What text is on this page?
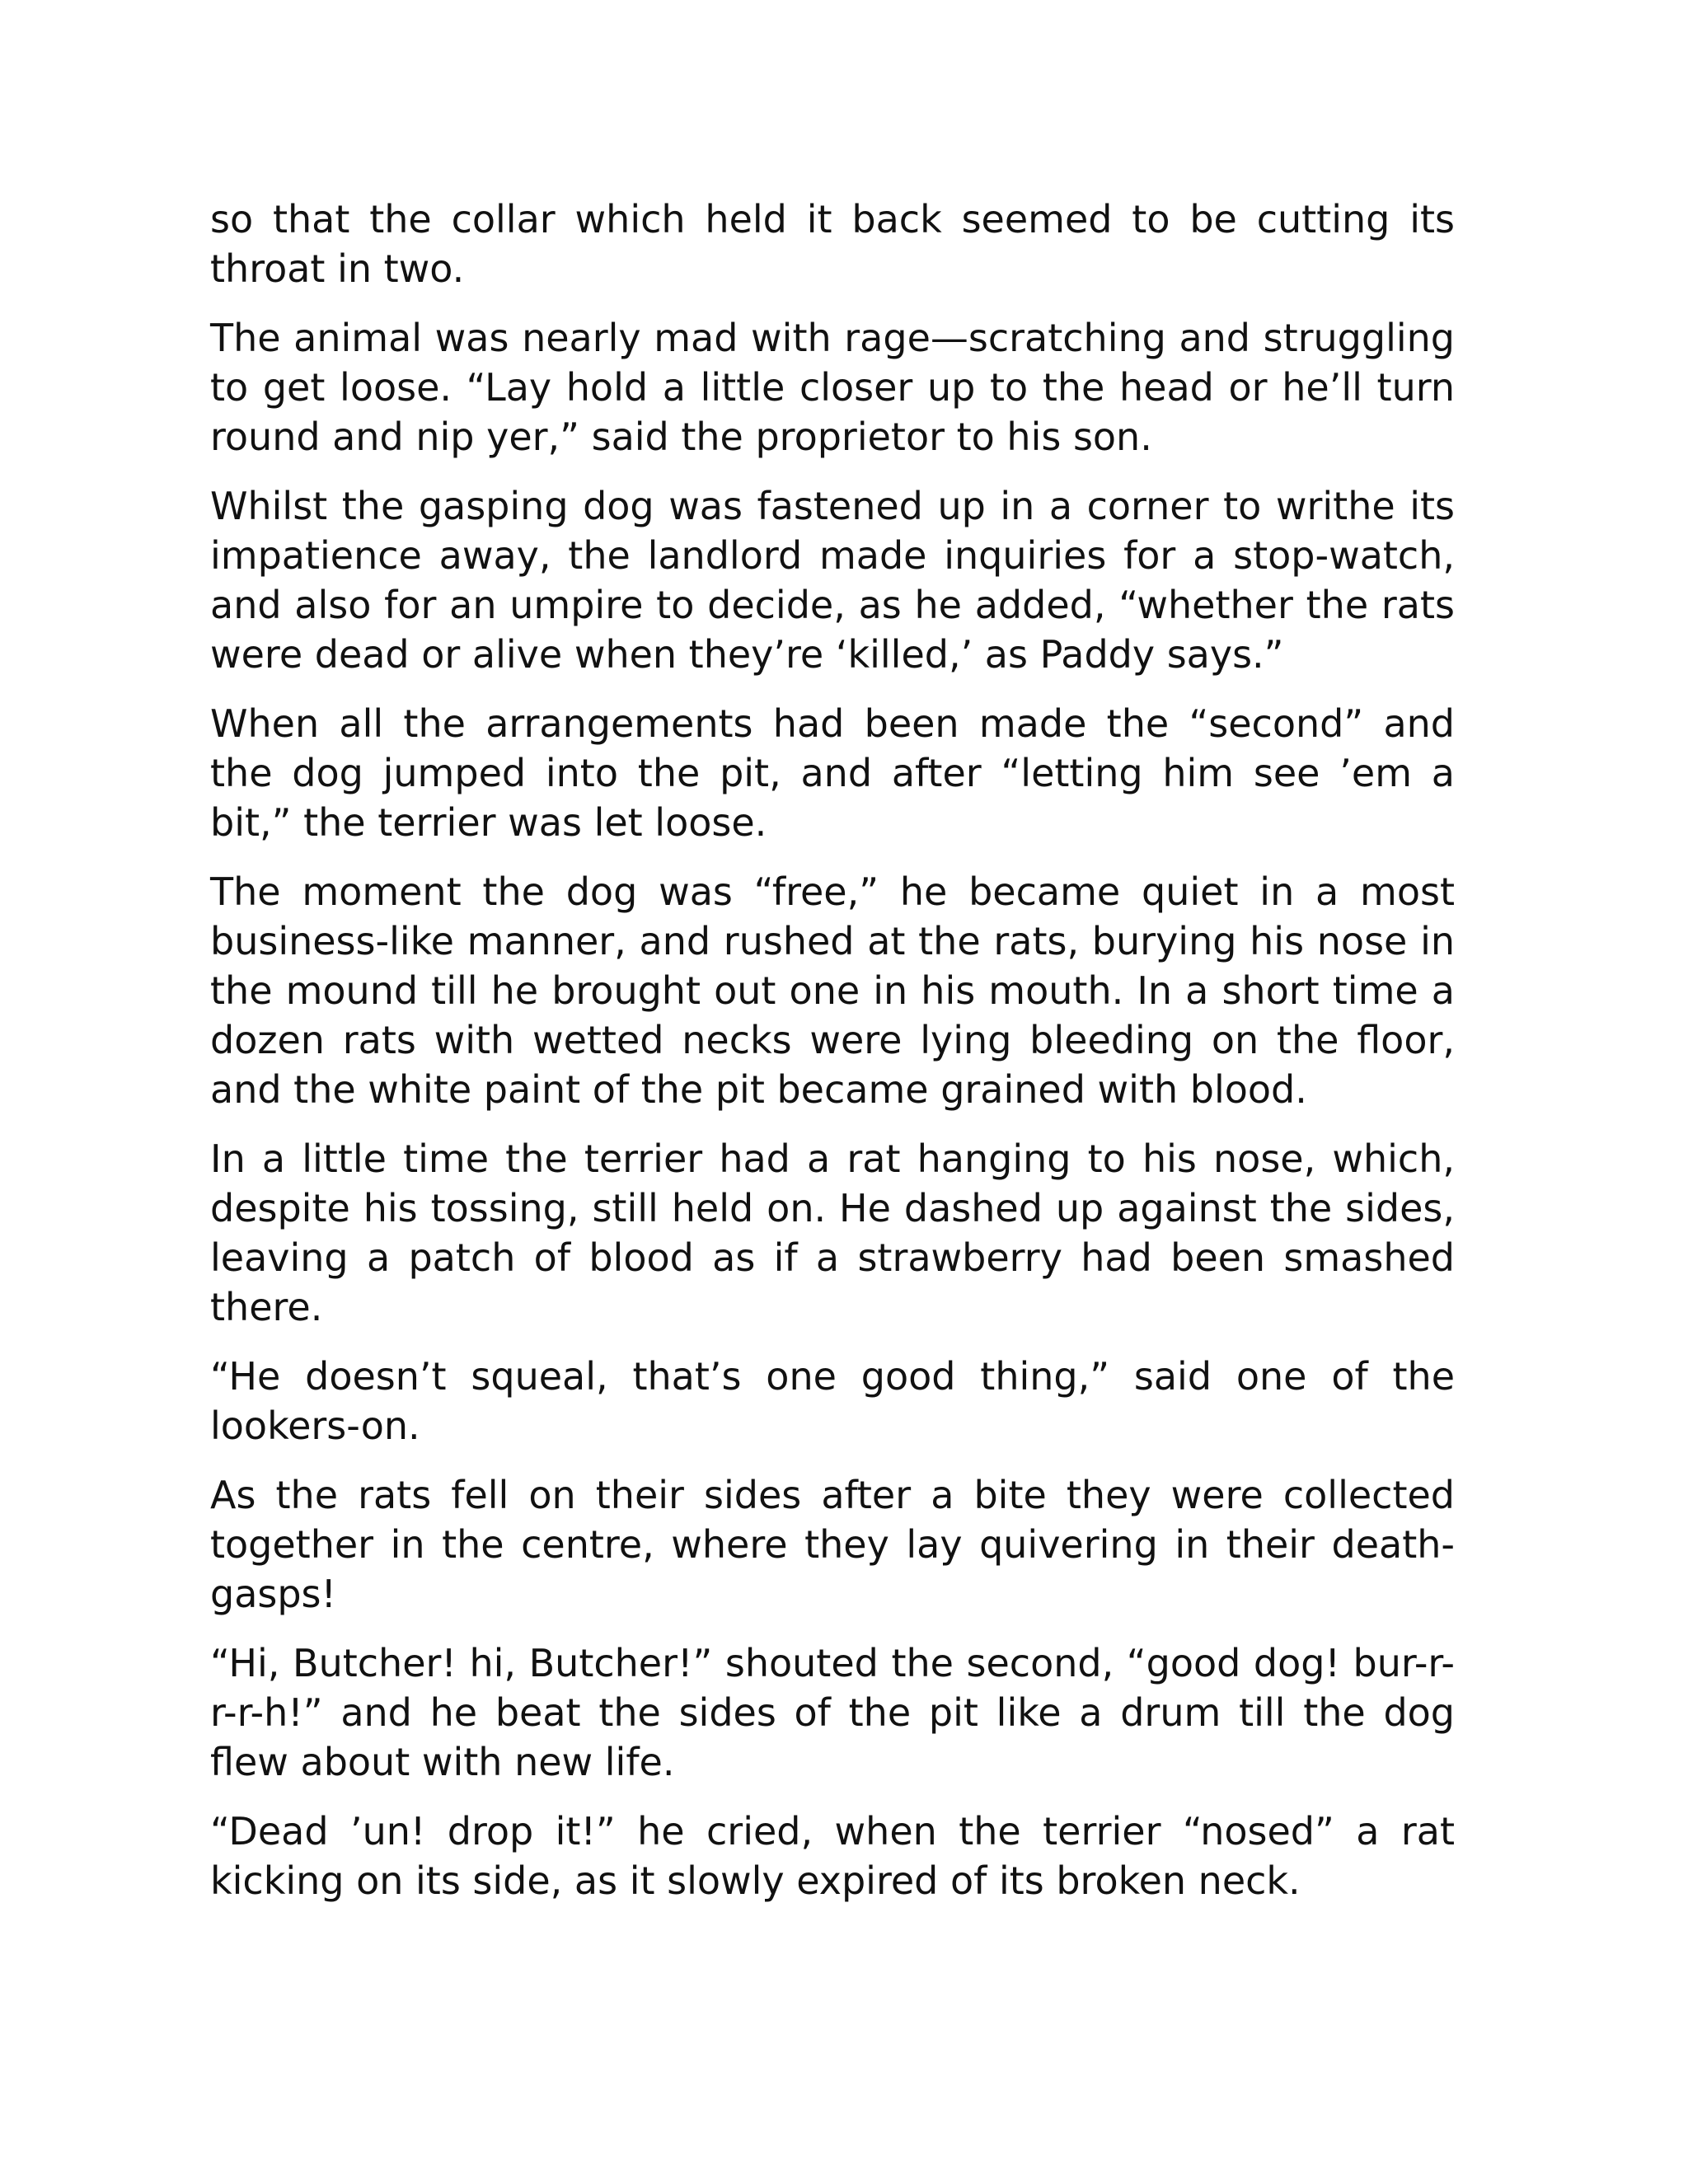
so that the collar which held it back seemed to be cutting its throat in two.

The animal was nearly mad with rage—scratching and struggling to get loose. “Lay hold a little closer up to the head or he’ll turn round and nip yer,” said the proprietor to his son.

Whilst the gasping dog was fastened up in a corner to writhe its impatience away, the landlord made inquiries for a stop-watch, and also for an umpire to decide, as he added, “whether the rats were dead or alive when they’re ‘killed,’ as Paddy says.”

When all the arrangements had been made the “second” and the dog jumped into the pit, and after “letting him see ’em a bit,” the terrier was let loose.

The moment the dog was “free,” he became quiet in a most business-like manner, and rushed at the rats, burying his nose in the mound till he brought out one in his mouth. In a short time a dozen rats with wetted necks were lying bleeding on the floor, and the white paint of the pit became grained with blood.

In a little time the terrier had a rat hanging to his nose, which, despite his tossing, still held on. He dashed up against the sides, leaving a patch of blood as if a strawberry had been smashed there.

“He doesn’t squeal, that’s one good thing,” said one of the lookers-on.

As the rats fell on their sides after a bite they were collected together in the centre, where they lay quivering in their death-gasps!

“Hi, Butcher! hi, Butcher!” shouted the second, “good dog! bur-r-r-r-h!” and he beat the sides of the pit like a drum till the dog flew about with new life.

“Dead ’un! drop it!” he cried, when the terrier “nosed” a rat kicking on its side, as it slowly expired of its broken neck.
